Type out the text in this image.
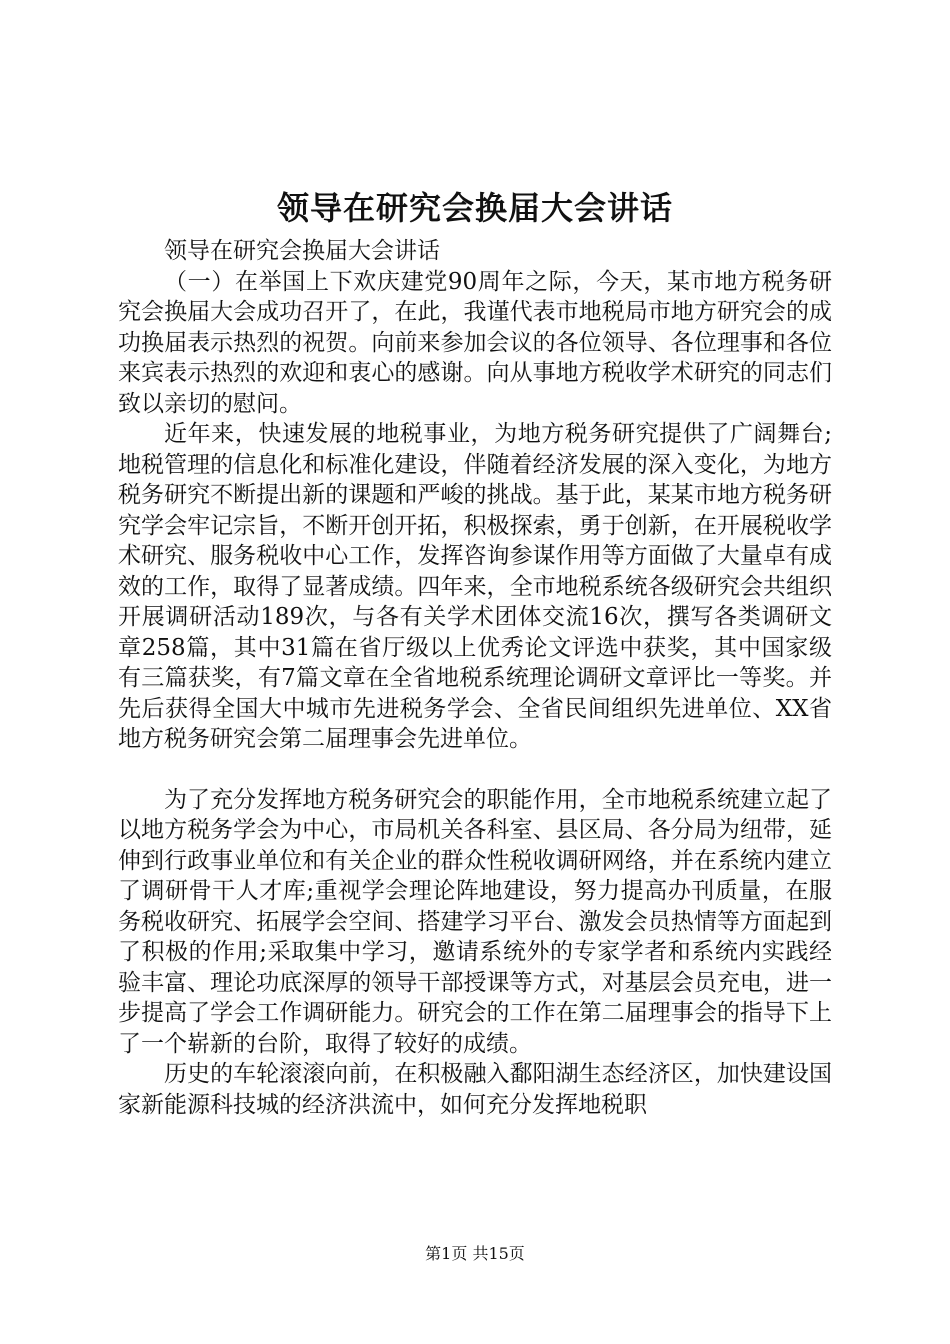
领导在研究会换届大会讲话

领导在研究会换届大会讲话

（一）在举国上下欢庆建党90周年之际，今天，某市地方税务研究会换届大会成功召开了，在此，我谨代表市地税局市地方研究会的成功换届表示热烈的祝贺。向前来参加会议的各位领导、各位理事和各位来宾表示热烈的欢迎和衷心的感谢。向从事地方税收学术研究的同志们致以亲切的慰问。

近年来，快速发展的地税事业，为地方税务研究提供了广阔舞台;地税管理的信息化和标准化建设，伴随着经济发展的深入变化，为地方税务研究不断提出新的课题和严峻的挑战。基于此，某某市地方税务研究学会牢记宗旨，不断开创开拓，积极探索，勇于创新，在开展税收学术研究、服务税收中心工作，发挥咨询参谋作用等方面做了大量卓有成效的工作，取得了显著成绩。四年来，全市地税系统各级研究会共组织开展调研活动189次，与各有关学术团体交流16次，撰写各类调研文章258篇，其中31篇在省厅级以上优秀论文评选中获奖，其中国家级有三篇获奖，有7篇文章在全省地税系统理论调研文章评比一等奖。并先后获得全国大中城市先进税务学会、全省民间组织先进单位、XX省地方税务研究会第二届理事会先进单位。

为了充分发挥地方税务研究会的职能作用，全市地税系统建立起了以地方税务学会为中心，市局机关各科室、县区局、各分局为纽带，延伸到行政事业单位和有关企业的群众性税收调研网络，并在系统内建立了调研骨干人才库;重视学会理论阵地建设，努力提高办刊质量，在服务税收研究、拓展学会空间、搭建学习平台、激发会员热情等方面起到了积极的作用;采取集中学习，邀请系统外的专家学者和系统内实践经验丰富、理论功底深厚的领导干部授课等方式，对基层会员充电，进一步提高了学会工作调研能力。研究会的工作在第二届理事会的指导下上了一个崭新的台阶，取得了较好的成绩。

历史的车轮滚滚向前，在积极融入鄱阳湖生态经济区，加快建设国家新能源科技城的经济洪流中，如何充分发挥地税职

第1页 共15页
